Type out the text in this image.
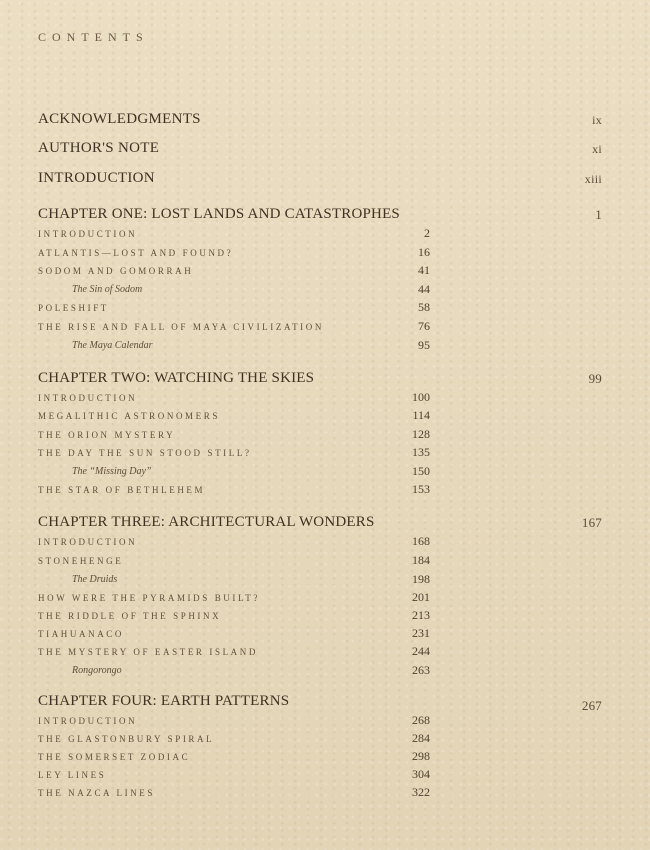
CONTENTS
ACKNOWLEDGMENTS	ix
AUTHOR'S NOTE	xi
INTRODUCTION	xiii
CHAPTER ONE: LOST LANDS AND CATASTROPHES	1
INTRODUCTION	2
ATLANTIS—LOST AND FOUND?	16
SODOM AND GOMORRAH	41
The Sin of Sodom	44
POLESHIFT	58
THE RISE AND FALL OF MAYA CIVILIZATION	76
The Maya Calendar	95
CHAPTER TWO: WATCHING THE SKIES	99
INTRODUCTION	100
MEGALITHIC ASTRONOMERS	114
THE ORION MYSTERY	128
THE DAY THE SUN STOOD STILL?	135
The “Missing Day”	150
THE STAR OF BETHLEHEM	153
CHAPTER THREE: ARCHITECTURAL WONDERS	167
INTRODUCTION	168
STONEHENGE	184
The Druids	198
HOW WERE THE PYRAMIDS BUILT?	201
THE RIDDLE OF THE SPHINX	213
TIAHUANACO	231
THE MYSTERY OF EASTER ISLAND	244
Rongorongo	263
CHAPTER FOUR: EARTH PATTERNS	267
INTRODUCTION	268
THE GLASTONBURY SPIRAL	284
THE SOMERSET ZODIAC	298
LEY LINES	304
THE NAZCA LINES	322
